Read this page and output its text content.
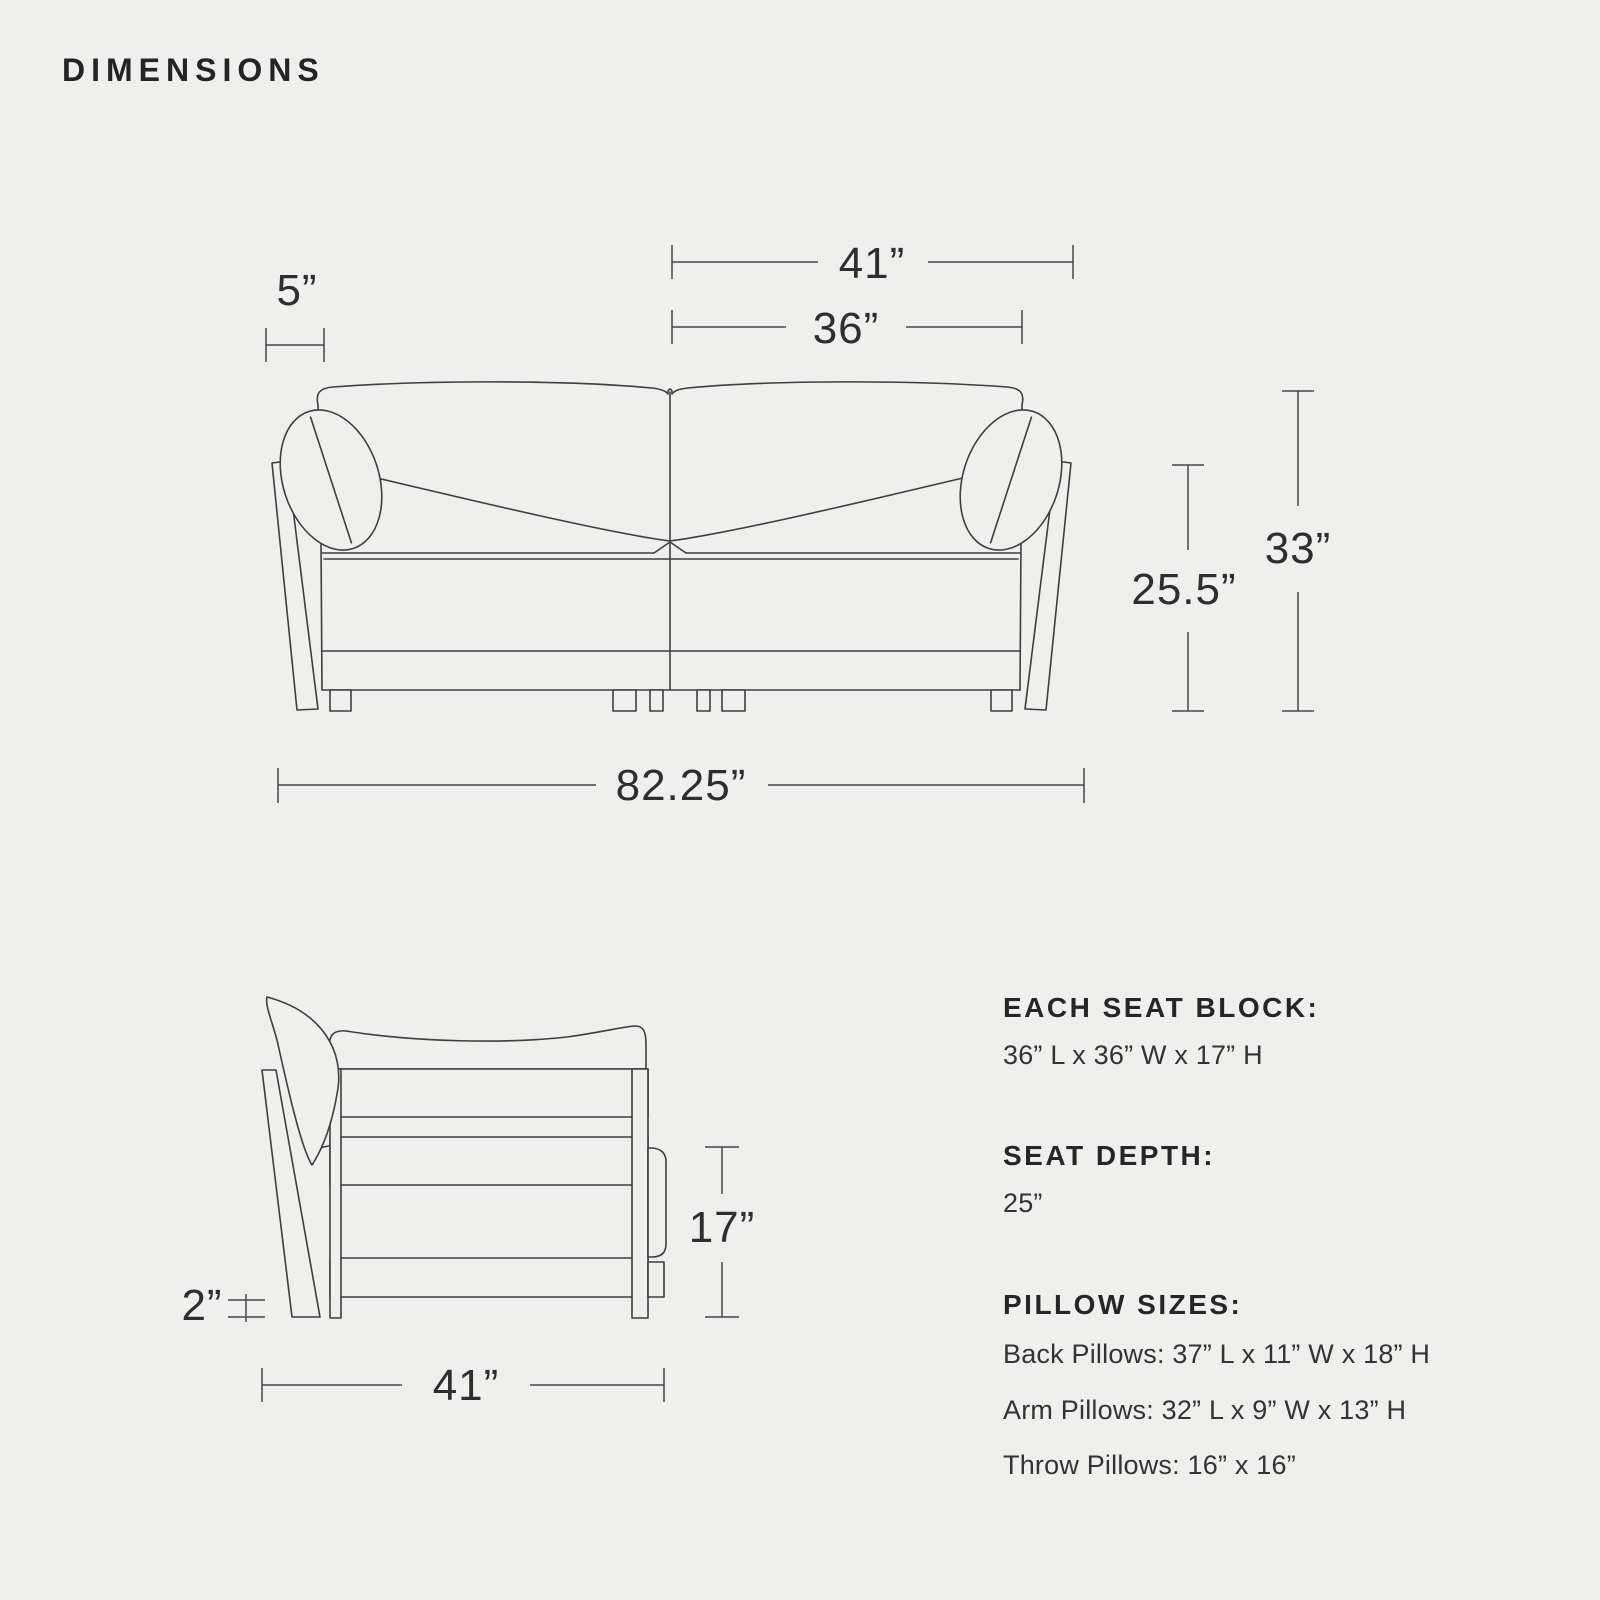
DIMENSIONS
5”
41”
36”
33”
25.5”
82.25”
2”
17”
41”
EACH SEAT BLOCK:
36” L x 36” W x 17” H
SEAT DEPTH:
25”
PILLOW SIZES:
Back Pillows: 37” L x 11” W x 18” H
Arm Pillows: 32” L x 9” W x 13” H
Throw Pillows: 16” x 16”
